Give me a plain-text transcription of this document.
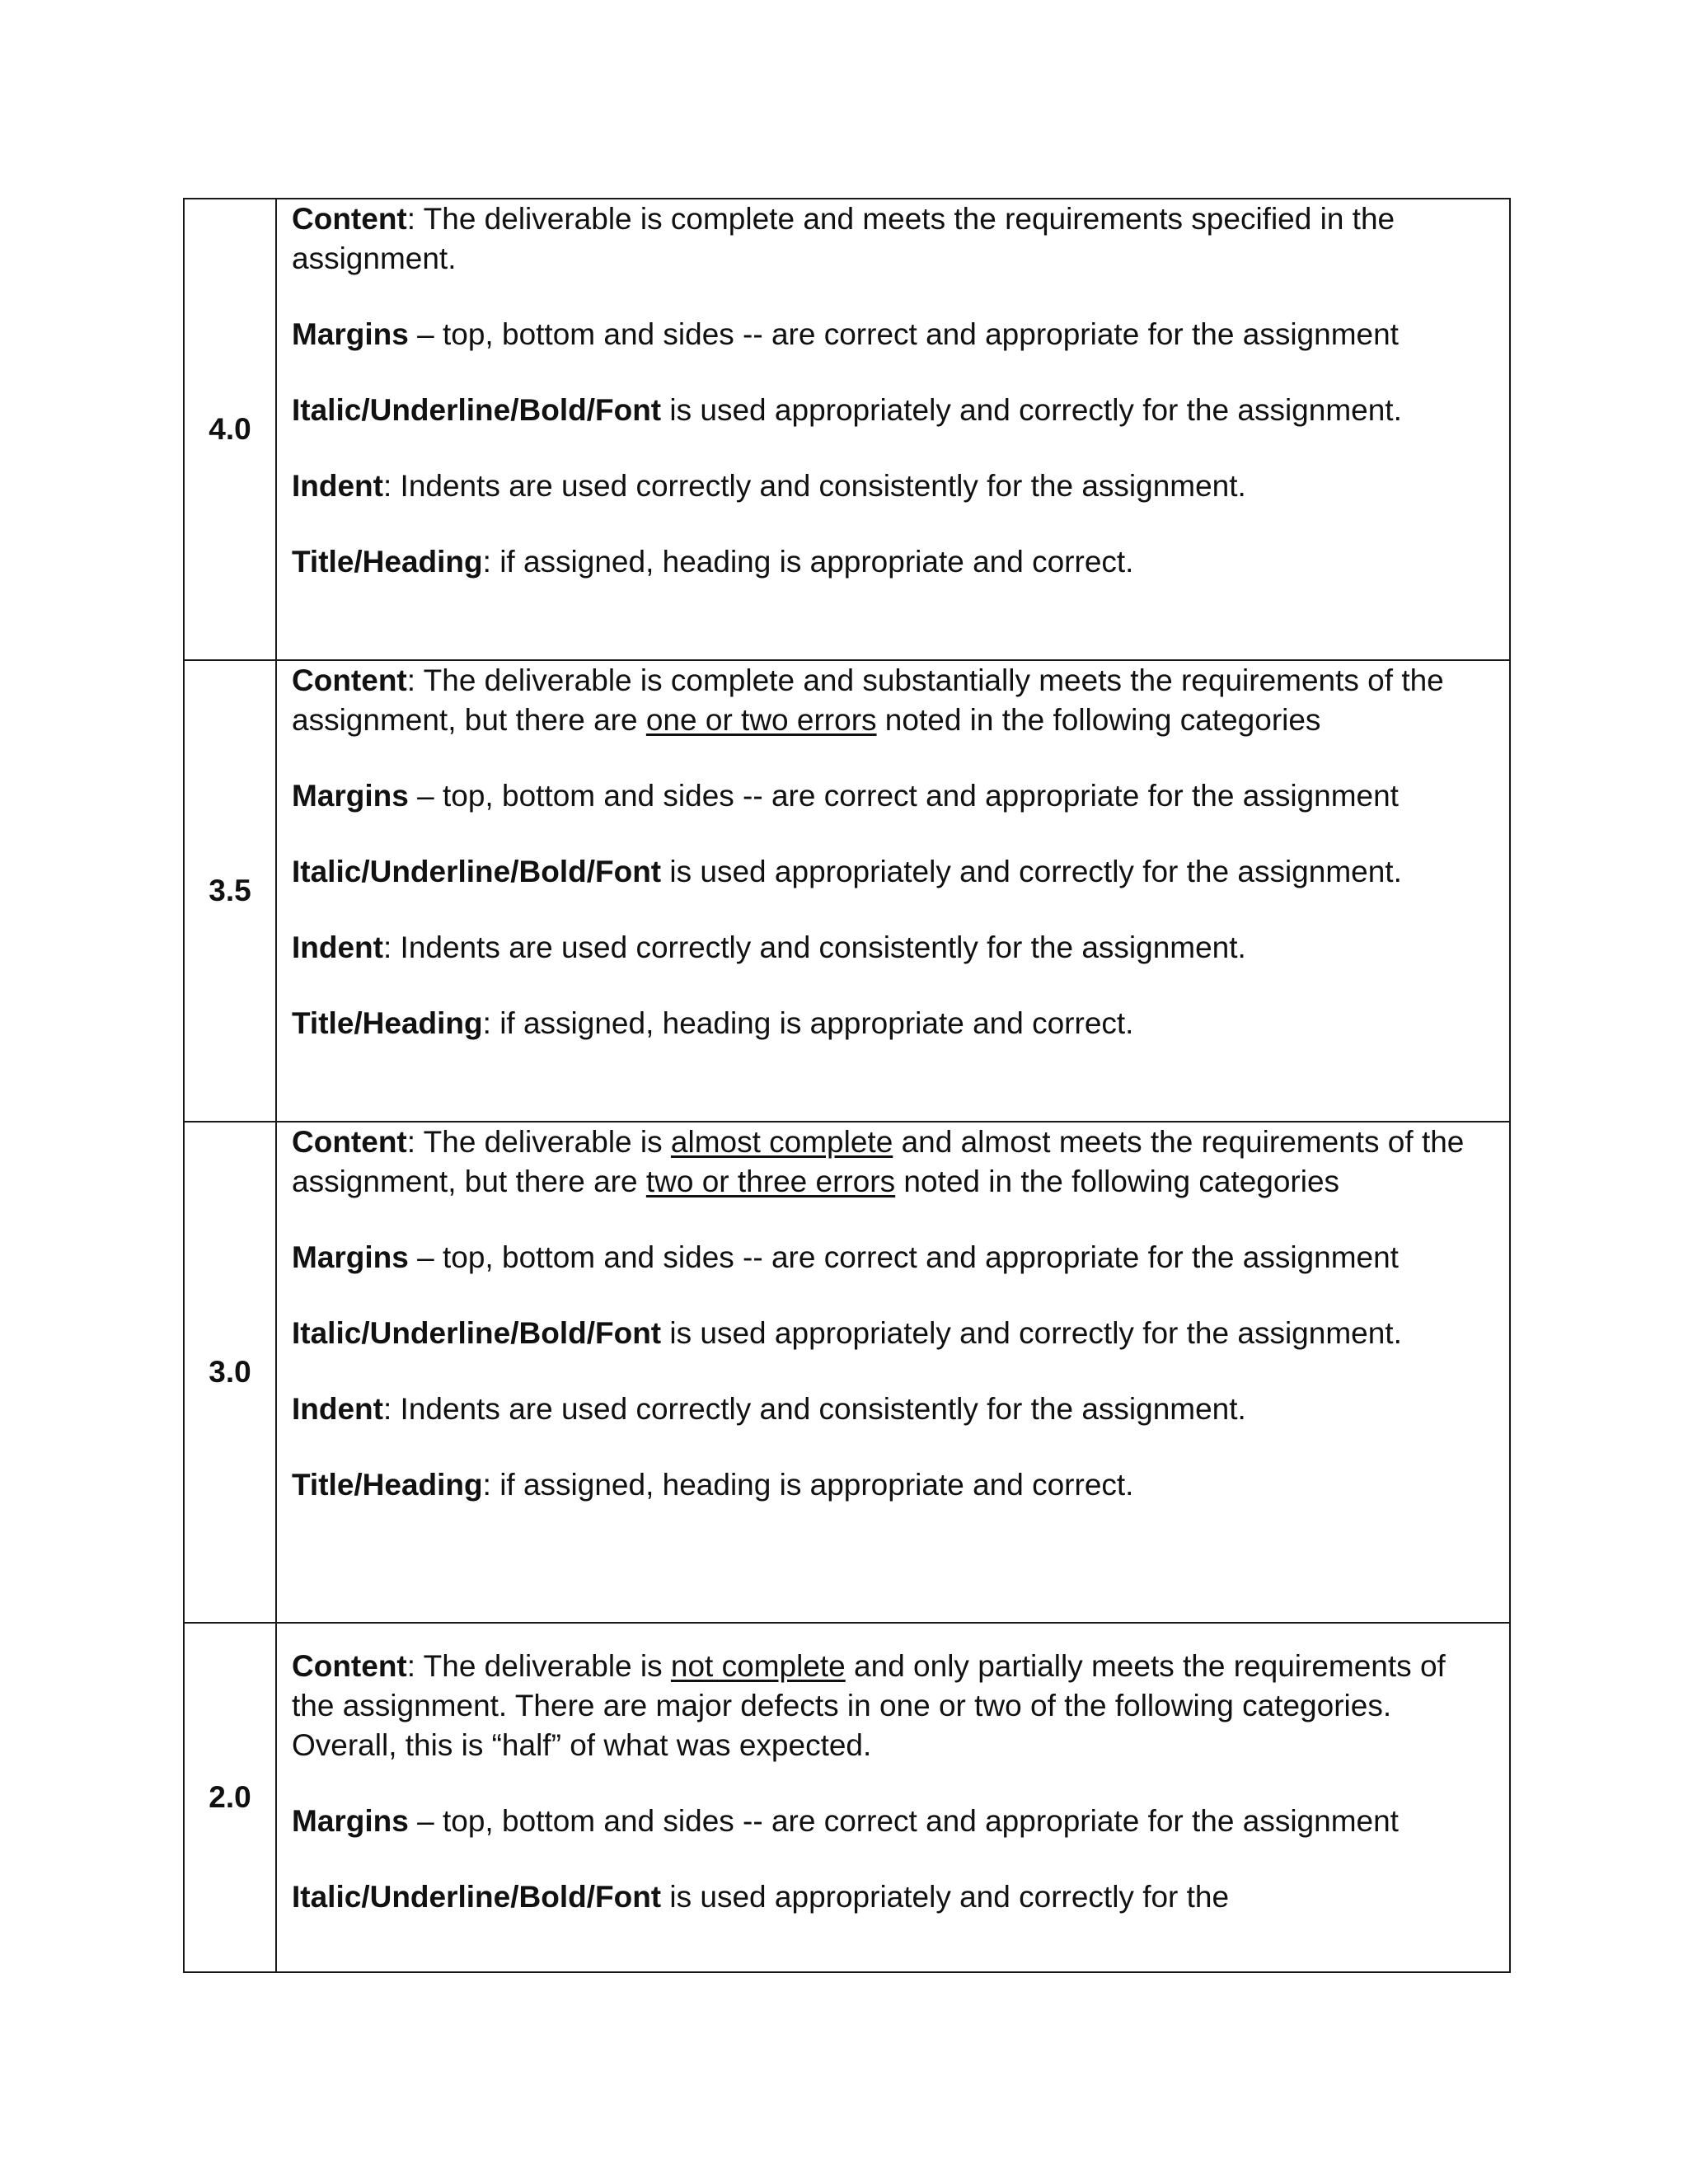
4.0	Content: The deliverable is complete and meets the requirements specified in the assignment.

Margins – top, bottom and sides -- are correct and appropriate for the assignment

Italic/Underline/Bold/Font is used appropriately and correctly for the assignment.

Indent: Indents are used correctly and consistently for the assignment.

Title/Heading: if assigned, heading is appropriate and correct.

3.5	Content: The deliverable is complete and substantially meets the requirements of the assignment, but there are one or two errors noted in the following categories

Margins – top, bottom and sides -- are correct and appropriate for the assignment

Italic/Underline/Bold/Font is used appropriately and correctly for the assignment.

Indent: Indents are used correctly and consistently for the assignment.

Title/Heading: if assigned, heading is appropriate and correct.

3.0	Content: The deliverable is almost complete and almost meets the requirements of the assignment, but there are two or three errors noted in the following categories

Margins – top, bottom and sides -- are correct and appropriate for the assignment

Italic/Underline/Bold/Font is used appropriately and correctly for the assignment.

Indent: Indents are used correctly and consistently for the assignment.

Title/Heading: if assigned, heading is appropriate and correct.

2.0	Content: The deliverable is not complete and only partially meets the requirements of the assignment. There are major defects in one or two of the following categories. Overall, this is “half” of what was expected.

Margins – top, bottom and sides -- are correct and appropriate for the assignment

Italic/Underline/Bold/Font is used appropriately and correctly for the
